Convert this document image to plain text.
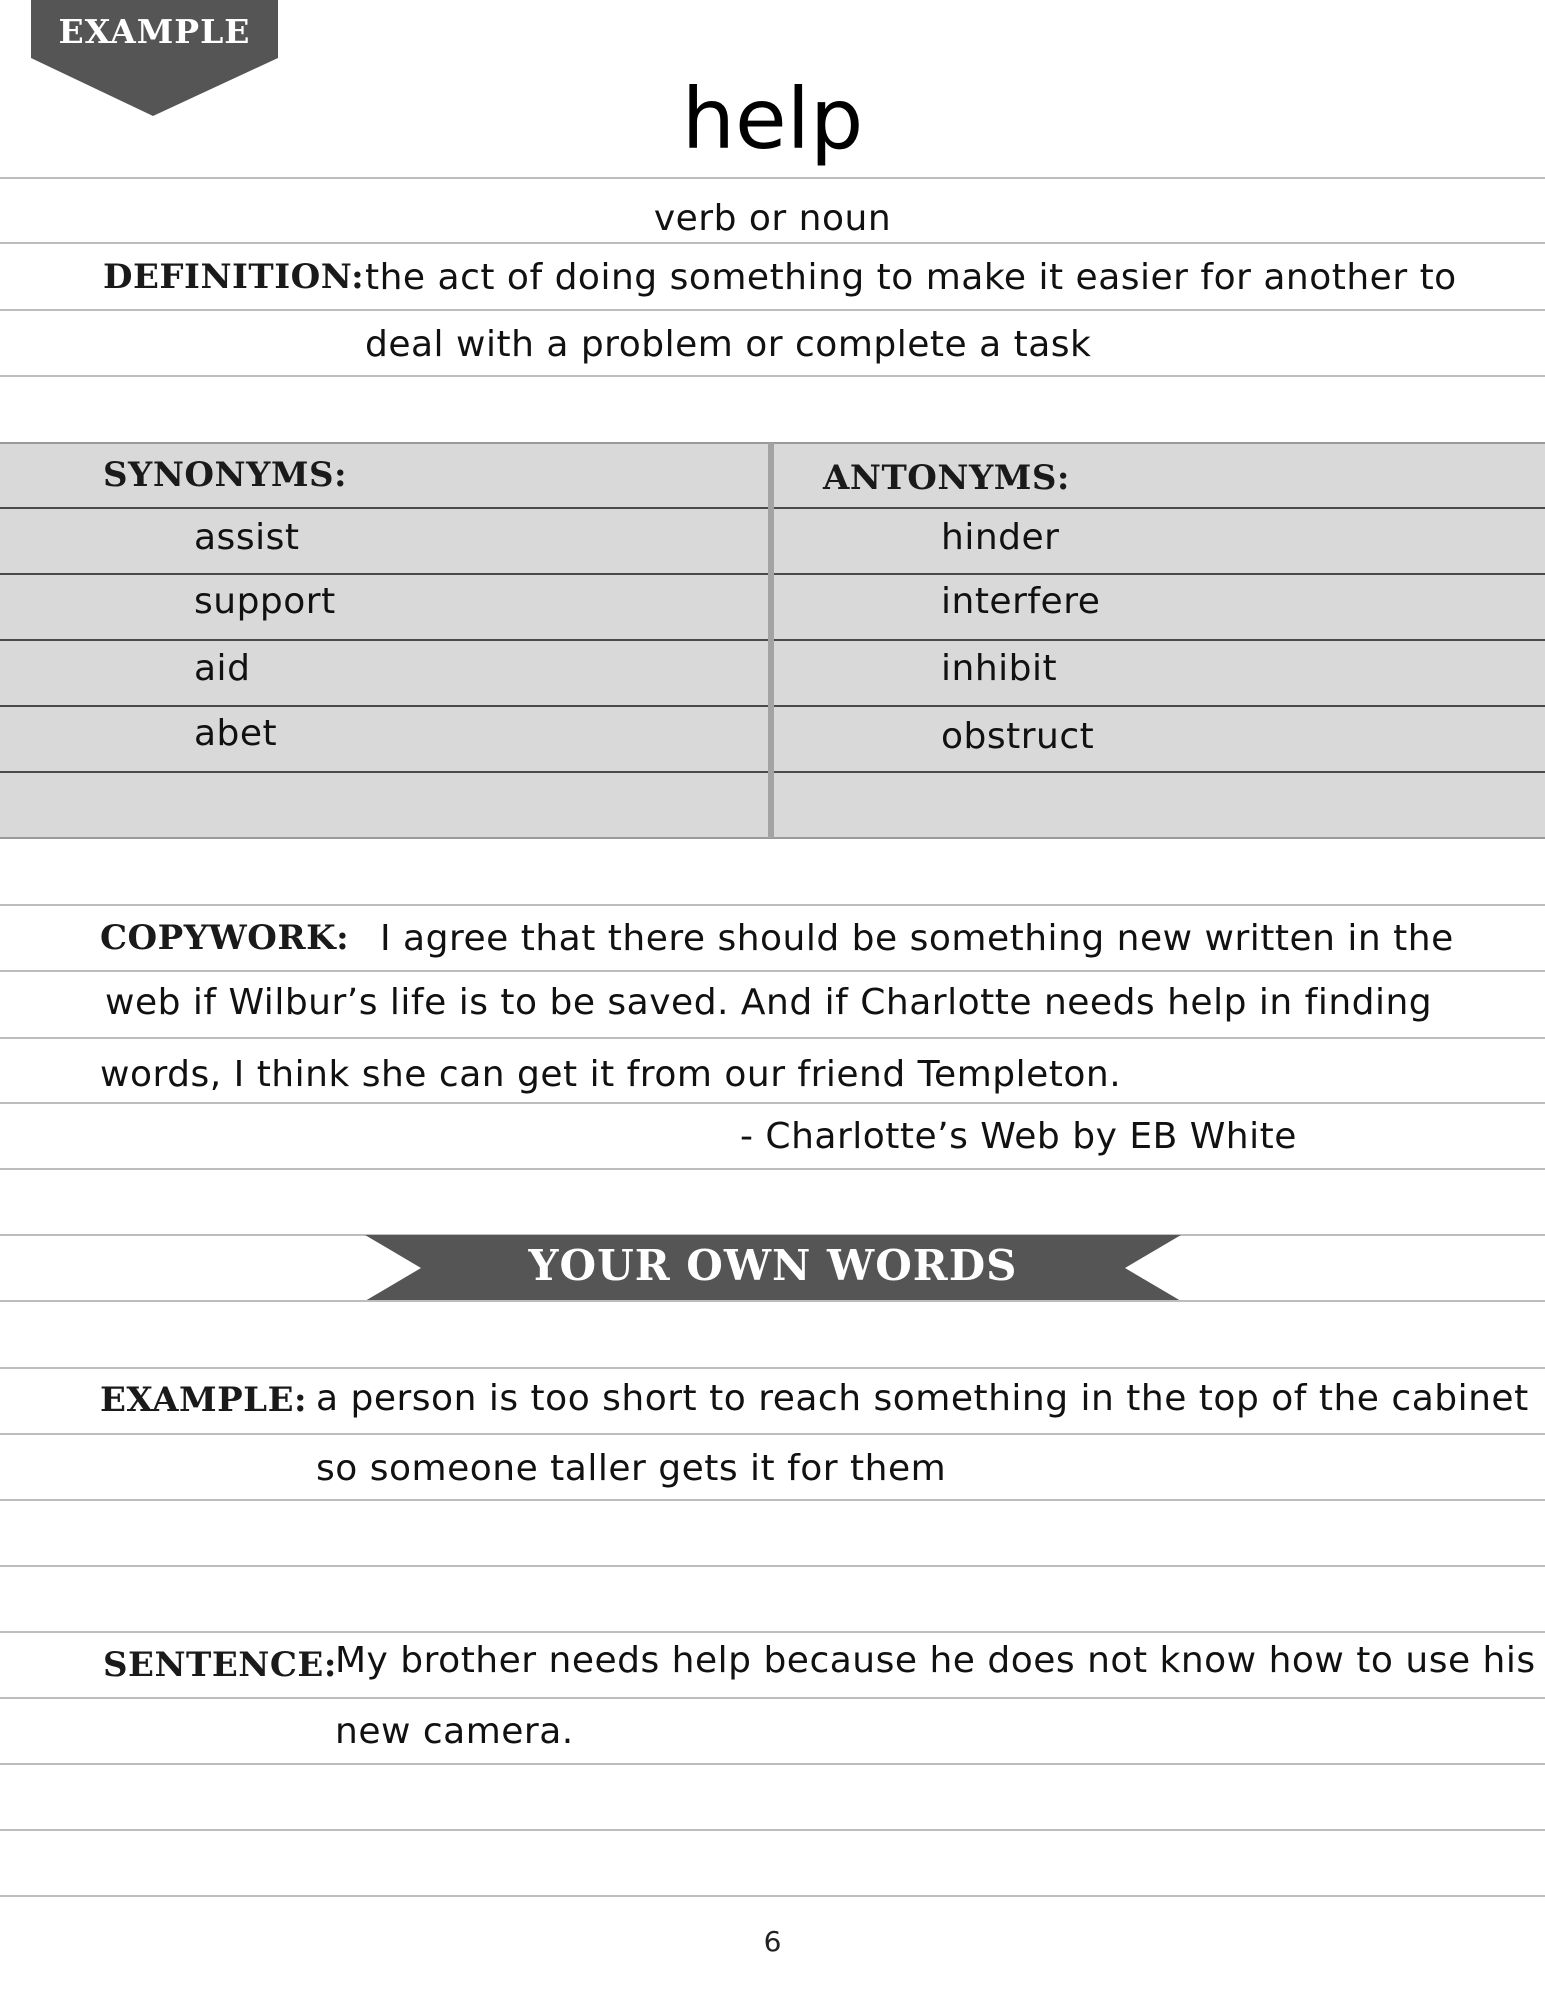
EXAMPLE
help
verb or noun
DEFINITION: the act of doing something to make it easier for another to
deal with a problem or complete a task
SYNONYMS:	ANTONYMS:
assist
support
aid
abet
hinder
interfere
inhibit
obstruct
COPYWORK: I agree that there should be something new written in the
web if Wilbur’s life is to be saved. And if Charlotte needs help in finding
words, I think she can get it from our friend Templeton.
- Charlotte’s Web by EB White
YOUR OWN WORDS
EXAMPLE: a person is too short to reach something in the top of the cabinet
so someone taller gets it for them
SENTENCE:
My brother needs help because he does not know how to use his
new camera.
6
